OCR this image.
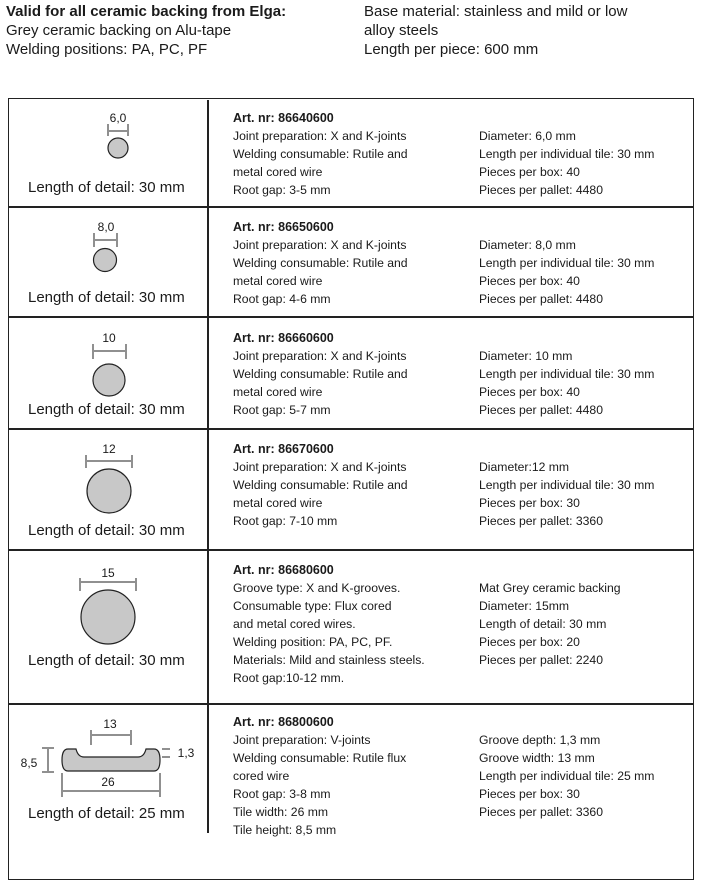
Valid for all ceramic backing from Elga:
Grey ceramic backing on Alu-tape
Welding positions: PA, PC, PF
Base material: stainless and mild or low
alloy steels
Length per piece: 600 mm
6,0
Length of detail: 30 mm
Art. nr: 86640600
Joint preparation: X and K-joints
Welding consumable: Rutile and
metal cored wire
Root gap: 3-5 mm
Diameter: 6,0 mm
Length per individual tile: 30 mm
Pieces per box: 40
Pieces per pallet: 4480
8,0
Length of detail: 30 mm
Art. nr: 86650600
Joint preparation: X and K-joints
Welding consumable: Rutile and
metal cored wire
Root gap: 4-6 mm
Diameter: 8,0 mm
Length per individual tile: 30 mm
Pieces per box: 40
Pieces per pallet: 4480
10
Length of detail: 30 mm
Art. nr: 86660600
Joint preparation: X and K-joints
Welding consumable: Rutile and
metal cored wire
Root gap: 5-7 mm
Diameter: 10 mm
Length per individual tile: 30 mm
Pieces per box: 40
Pieces per pallet: 4480
12
Length of detail: 30 mm
Art. nr: 86670600
Joint preparation: X and K-joints
Welding consumable: Rutile and
metal cored wire
Root gap: 7-10 mm
Diameter:12 mm
Length per individual tile: 30 mm
Pieces per box: 30
Pieces per pallet: 3360
15
Length of detail: 30 mm
Art. nr: 86680600
Groove type: X and K-grooves.
Consumable type: Flux cored
and metal cored wires.
Welding position: PA, PC, PF.
Materials: Mild and stainless steels.
Root gap:10-12 mm.
Mat Grey ceramic backing
Diameter: 15mm
Length of detail: 30 mm
Pieces per box: 20
Pieces per pallet: 2240
13
8,5
1,3
26
Length of detail: 25 mm
Art. nr: 86800600
Joint preparation: V-joints
Welding consumable: Rutile flux
cored wire
Root gap: 3-8 mm
Tile width: 26 mm
Tile height: 8,5 mm
Groove depth: 1,3 mm
Groove width: 13 mm
Length per individual tile: 25 mm
Pieces per box: 30
Pieces per pallet: 3360
